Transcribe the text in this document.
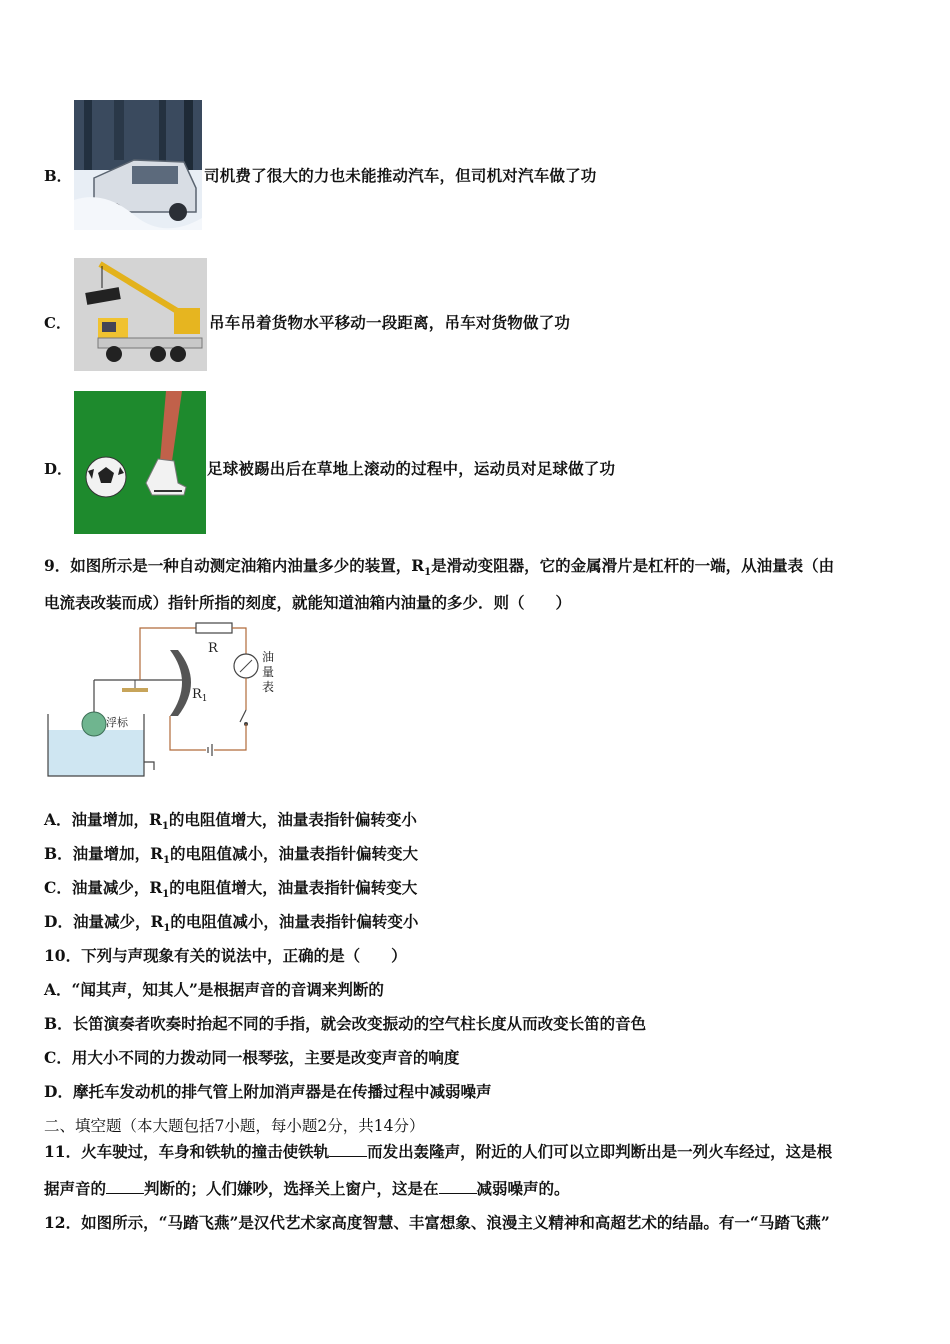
B．	司机费了很大的力也未能推动汽车，但司机对汽车做了功
C．	吊车吊着货物水平移动一段距离，吊车对货物做了功
D．	足球被踢出后在草地上滚动的过程中，运动员对足球做了功
9．如图所示是一种自动测定油箱内油量多少的装置，$R_1$是滑动变阻器，它的金属滑片是杠杆的一端，从油量表（由
电流表改装而成）指针所指的刻度，就能知道油箱内油量的多少．则（　　）
R
$R_1$
浮标
油量表
A．油量增加，$R_1$的电阻值增大，油量表指针偏转变小
B．油量增加，$R_1$的电阻值减小，油量表指针偏转变大
C．油量减少，$R_1$的电阻值增大，油量表指针偏转变大
D．油量减少，$R_1$的电阻值减小，油量表指针偏转变小
10．下列与声现象有关的说法中，正确的是（　　）
A．“闻其声，知其人”是根据声音的音调来判断的
B．长笛演奏者吹奏时抬起不同的手指，就会改变振动的空气柱长度从而改变长笛的音色
C．用大小不同的力拨动同一根琴弦，主要是改变声音的响度
D．摩托车发动机的排气管上附加消声器是在传播过程中减弱噪声
二、填空题（本大题包括7小题，每小题2分，共14分）
11．火车驶过，车身和铁轨的撞击使铁轨 而发出轰隆声，附近的人们可以立即判断出是一列火车经过，这是根
据声音的 判断的；人们嫌吵，选择关上窗户，这是在 减弱噪声的。
12．如图所示，“马踏飞燕”是汉代艺术家高度智慧、丰富想象、浪漫主义精神和高超艺术的结晶。有一“马踏飞燕”
